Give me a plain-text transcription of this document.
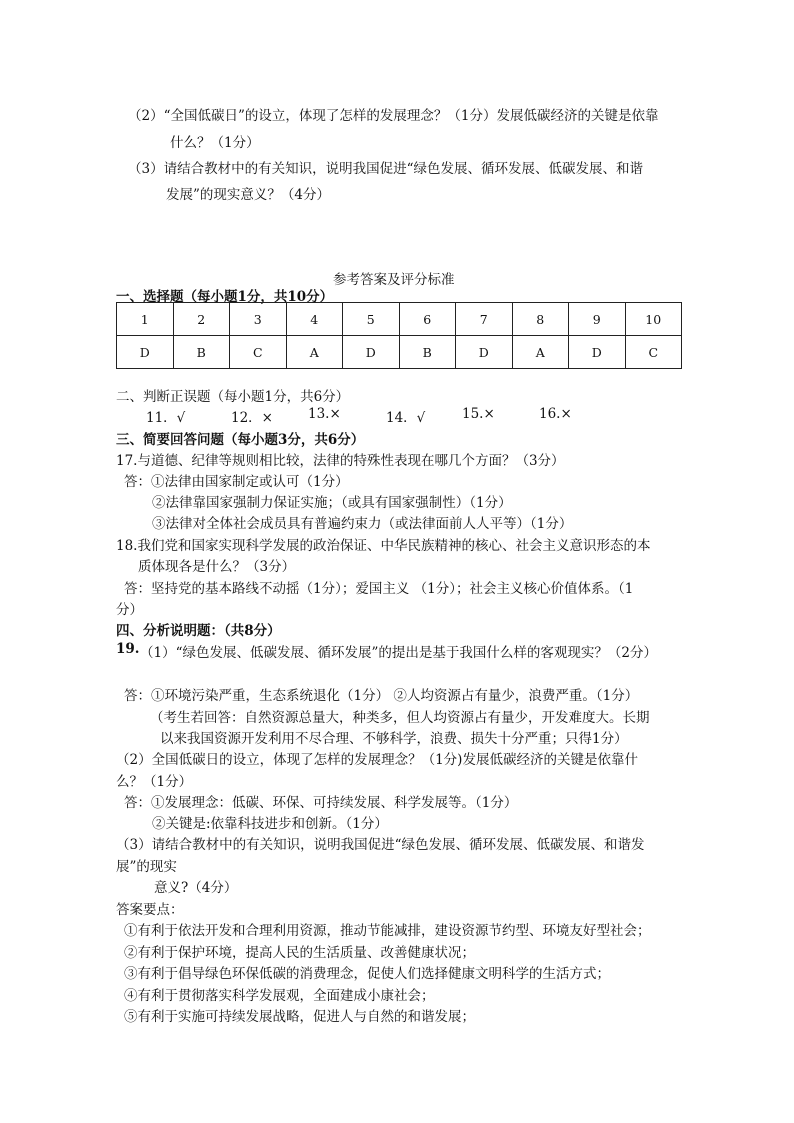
（2）“全国低碳日”的设立，体现了怎样的发展理念？（1分）发展低碳经济的关键是依靠
什么？（1分）
（3）请结合教材中的有关知识，说明我国促进“绿色发展、循环发展、低碳发展、和谐
发展”的现实意义？（4分）
参考答案及评分标准
一、选择题（每小题1分，共10分）
1	2	3	4	5	6	7	8	9	10
D	B	C	A	D	B	D	A	D	C
二、判断正误题（每小题1分，共6分）
11．√	12．×	13.×	14．√	15.×	16.×
三、简要回答问题（每小题3分，共6分）
17.与道德、纪律等规则相比较，法律的特殊性表现在哪几个方面？（3分）
答：①法律由国家制定或认可（1分）
②法律靠国家强制力保证实施；（或具有国家强制性）（1分）
③法律对全体社会成员具有普遍约束力（或法律面前人人平等）（1分）
18.我们党和国家实现科学发展的政治保证、中华民族精神的核心、社会主义意识形态的本
质体现各是什么？（3分）
答：坚持党的基本路线不动摇（1分）；爱国主义 （1分）；社会主义核心价值体系。（1
分）
四、分析说明题：（共8分）
19. （1）“绿色发展、低碳发展、循环发展”的提出是基于我国什么样的客观现实？（2分）
答：①环境污染严重，生态系统退化（1分） ②人均资源占有量少，浪费严重。（1分）
（考生若回答：自然资源总量大，种类多，但人均资源占有量少，开发难度大。长期
以来我国资源开发利用不尽合理、不够科学，浪费、损失十分严重；只得1分）
（2）全国低碳日的设立，体现了怎样的发展理念？（1分)发展低碳经济的关键是依靠什
么？（1分）
答：①发展理念：低碳、环保、可持续发展、科学发展等。（1分）
②关键是:依靠科技进步和创新。（1分）
（3）请结合教材中的有关知识，说明我国促进“绿色发展、循环发展、低碳发展、和谐发
展”的现实
意义?（4分）
答案要点：
①有利于依法开发和合理利用资源，推动节能减排，建设资源节约型、环境友好型社会；
②有利于保护环境，提高人民的生活质量、改善健康状况；
③有利于倡导绿色环保低碳的消费理念，促使人们选择健康文明科学的生活方式；
④有利于贯彻落实科学发展观，全面建成小康社会；
⑤有利于实施可持续发展战略，促进人与自然的和谐发展；
